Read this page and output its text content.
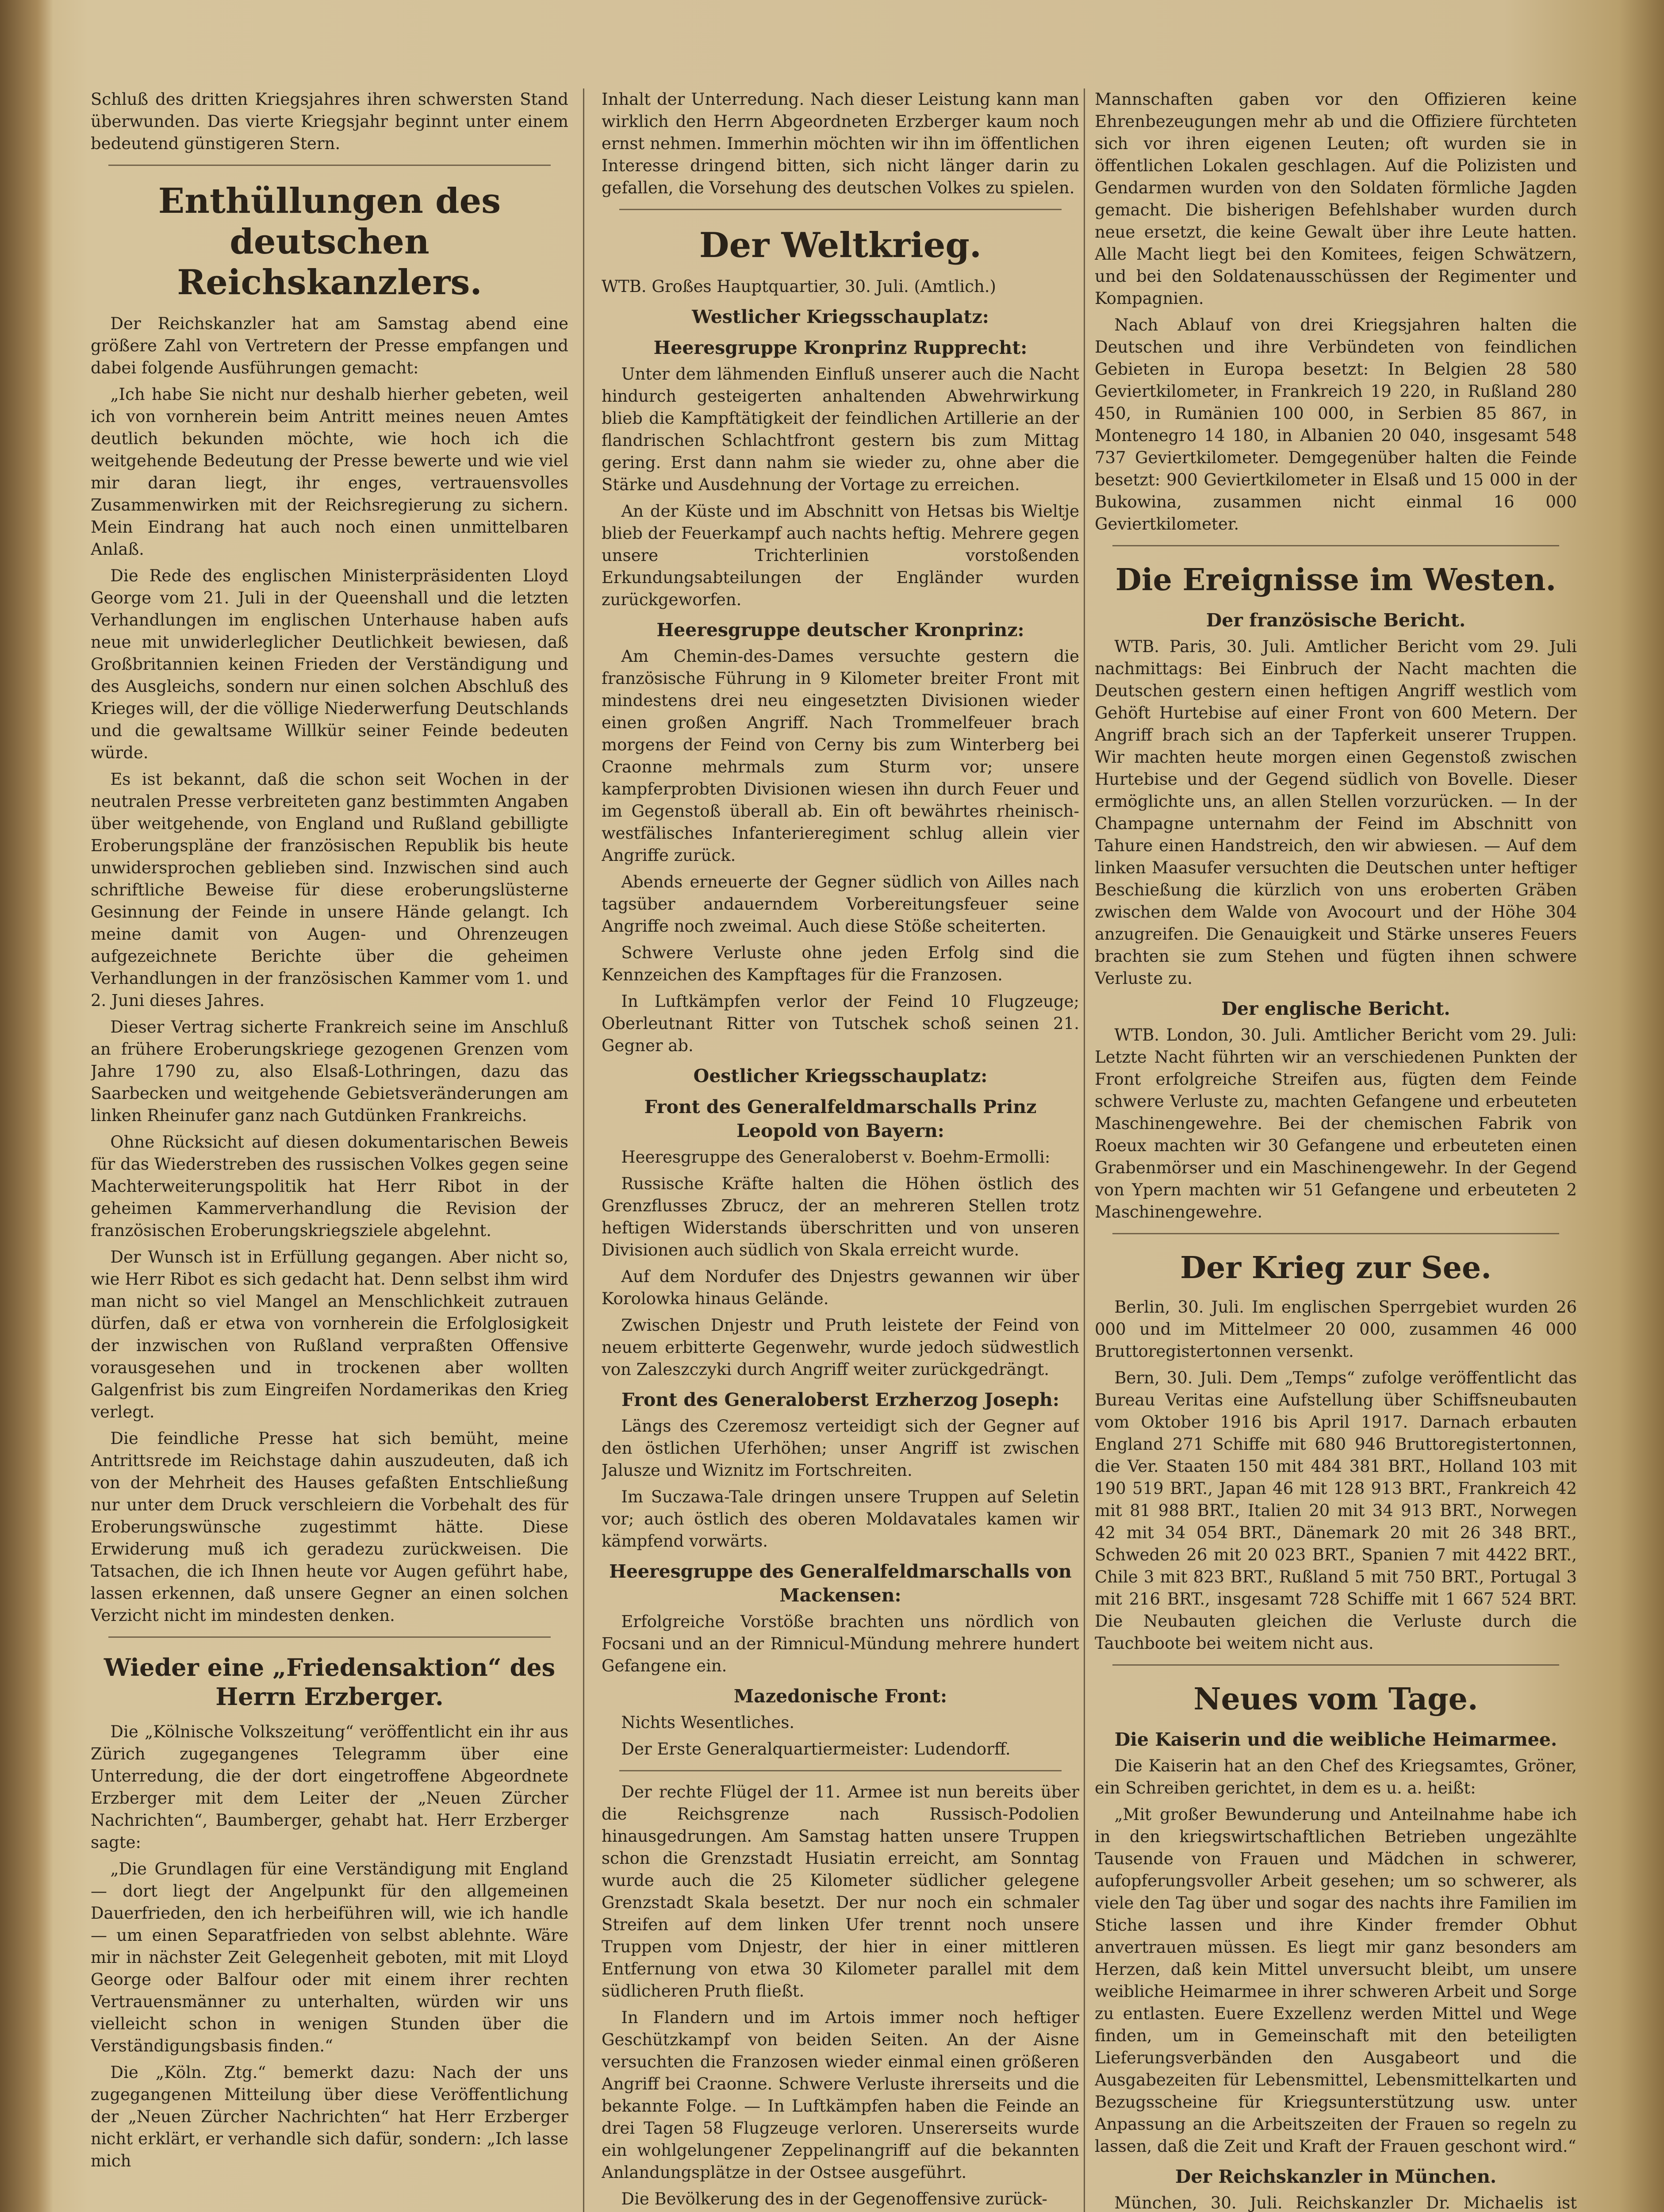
Schluß des dritten Kriegsjahres ihren schwersten Stand überwunden. Das vierte Kriegsjahr beginnt unter einem bedeutend günstigeren Stern.

Enthüllungen des deutschen Reichskanzlers.

Der Reichskanzler hat am Samstag abend eine größere Zahl von Vertretern der Presse empfangen und dabei folgende Ausführungen gemacht:

„Ich habe Sie nicht nur deshalb hierher gebeten, weil ich von vornherein beim Antritt meines neuen Amtes deutlich bekunden möchte, wie hoch ich die weitgehende Bedeutung der Presse bewerte und wie viel mir daran liegt, ihr enges, vertrauensvolles Zusammenwirken mit der Reichsregierung zu sichern. Mein Eindrang hat auch noch einen unmittelbaren Anlaß.

Die Rede des englischen Ministerpräsidenten Lloyd George vom 21. Juli in der Queenshall und die letzten Verhandlungen im englischen Unterhause haben aufs neue mit unwiderleglicher Deutlichkeit bewiesen, daß Großbritannien keinen Frieden der Verständigung und des Ausgleichs, sondern nur einen solchen Abschluß des Krieges will, der die völlige Niederwerfung Deutschlands und die gewaltsame Willkür seiner Feinde bedeuten würde.

Es ist bekannt, daß die schon seit Wochen in der neutralen Presse verbreiteten ganz bestimmten Angaben über weitgehende, von England und Rußland gebilligte Eroberungspläne der französischen Republik bis heute unwidersprochen geblieben sind. Inzwischen sind auch schriftliche Beweise für diese eroberungslüsterne Gesinnung der Feinde in unsere Hände gelangt. Ich meine damit von Augen- und Ohrenzeugen aufgezeichnete Berichte über die geheimen Verhandlungen in der französischen Kammer vom 1. und 2. Juni dieses Jahres.

Dieser Vertrag sicherte Frankreich seine im Anschluß an frühere Eroberungskriege gezogenen Grenzen vom Jahre 1790 zu, also Elsaß-Lothringen, dazu das Saarbecken und weitgehende Gebietsveränderungen am linken Rheinufer ganz nach Gutdünken Frankreichs.

Ohne Rücksicht auf diesen dokumentarischen Beweis für das Wiederstreben des russischen Volkes gegen seine Machterweiterungspolitik hat Herr Ribot in der geheimen Kammerverhandlung die Revision der französischen Eroberungskriegsziele abgelehnt.

Der Wunsch ist in Erfüllung gegangen. Aber nicht so, wie Herr Ribot es sich gedacht hat. Denn selbst ihm wird man nicht so viel Mangel an Menschlichkeit zutrauen dürfen, daß er etwa von vornherein die Erfolglosigkeit der inzwischen von Rußland verpraßten Offensive vorausgesehen und in trockenen aber wollten Galgenfrist bis zum Eingreifen Nordamerikas den Krieg verlegt.

Die feindliche Presse hat sich bemüht, meine Antrittsrede im Reichstage dahin auszudeuten, daß ich von der Mehrheit des Hauses gefaßten Entschließung nur unter dem Druck verschleiern die Vorbehalt des für Eroberungswünsche zugestimmt hätte. Diese Erwiderung muß ich geradezu zurückweisen. Die Tatsachen, die ich Ihnen heute vor Augen geführt habe, lassen erkennen, daß unsere Gegner an einen solchen Verzicht nicht im mindesten denken.

Wieder eine „Friedensaktion“ des Herrn Erzberger.

Die „Kölnische Volkszeitung“ veröffentlicht ein ihr aus Zürich zugegangenes Telegramm über eine Unterredung, die der dort eingetroffene Abgeordnete Erzberger mit dem Leiter der „Neuen Zürcher Nachrichten“, Baumberger, gehabt hat. Herr Erzberger sagte:

„Die Grundlagen für eine Verständigung mit England — dort liegt der Angelpunkt für den allgemeinen Dauerfrieden, den ich herbeiführen will, wie ich handle — um einen Separatfrieden von selbst ablehnte. Wäre mir in nächster Zeit Gelegenheit geboten, mit mit Lloyd George oder Balfour oder mit einem ihrer rechten Vertrauensmänner zu unterhalten, würden wir uns vielleicht schon in wenigen Stunden über die Verständigungsbasis finden.“

Die „Köln. Ztg.“ bemerkt dazu: Nach der uns zugegangenen Mitteilung über diese Veröffentlichung der „Neuen Zürcher Nachrichten“ hat Herr Erzberger nicht erklärt, er verhandle sich dafür, sondern: „Ich lasse mich

Inhalt der Unterredung. Nach dieser Leistung kann man wirklich den Herrn Abgeordneten Erzberger kaum noch ernst nehmen. Immerhin möchten wir ihn im öffentlichen Interesse dringend bitten, sich nicht länger darin zu gefallen, die Vorsehung des deutschen Volkes zu spielen.

Der Weltkrieg.

WTB. Großes Hauptquartier, 30. Juli. (Amtlich.)

Westlicher Kriegsschauplatz:
Heeresgruppe Kronprinz Rupprecht:

Unter dem lähmenden Einfluß unserer auch die Nacht hindurch gesteigerten anhaltenden Abwehrwirkung blieb die Kampftätigkeit der feindlichen Artillerie an der flandrischen Schlachtfront gestern bis zum Mittag gering. Erst dann nahm sie wieder zu, ohne aber die Stärke und Ausdehnung der Vortage zu erreichen.

An der Küste und im Abschnitt von Hetsas bis Wieltje blieb der Feuerkampf auch nachts heftig. Mehrere gegen unsere Trichterlinien vorstoßenden Erkundungsabteilungen der Engländer wurden zurückgeworfen.

Heeresgruppe deutscher Kronprinz:

Am Chemin-des-Dames versuchte gestern die französische Führung in 9 Kilometer breiter Front mit mindestens drei neu eingesetzten Divisionen wieder einen großen Angriff. Nach Trommelfeuer brach morgens der Feind von Cerny bis zum Winterberg bei Craonne mehrmals zum Sturm vor; unsere kampferprobten Divisionen wiesen ihn durch Feuer und im Gegenstoß überall ab. Ein oft bewährtes rheinisch-westfälisches Infanterieregiment schlug allein vier Angriffe zurück.

Abends erneuerte der Gegner südlich von Ailles nach tagsüber andauerndem Vorbereitungsfeuer seine Angriffe noch zweimal. Auch diese Stöße scheiterten.

Schwere Verluste ohne jeden Erfolg sind die Kennzeichen des Kampftages für die Franzosen.

In Luftkämpfen verlor der Feind 10 Flugzeuge; Oberleutnant Ritter von Tutschek schoß seinen 21. Gegner ab.

Oestlicher Kriegsschauplatz:
Front des Generalfeldmarschalls Prinz Leopold von Bayern:

Heeresgruppe des Generaloberst v. Boehm-Ermolli:

Russische Kräfte halten die Höhen östlich des Grenzflusses Zbrucz, der an mehreren Stellen trotz heftigen Widerstands überschritten und von unseren Divisionen auch südlich von Skala erreicht wurde.

Auf dem Nordufer des Dnjestrs gewannen wir über Korolowka hinaus Gelände.

Zwischen Dnjestr und Pruth leistete der Feind von neuem erbitterte Gegenwehr, wurde jedoch südwestlich von Zaleszczyki durch Angriff weiter zurückgedrängt.

Front des Generaloberst Erzherzog Joseph:

Längs des Czeremosz verteidigt sich der Gegner auf den östlichen Uferhöhen; unser Angriff ist zwischen Jalusze und Wiznitz im Fortschreiten.

Im Suczawa-Tale dringen unsere Truppen auf Seletin vor; auch östlich des oberen Moldavatales kamen wir kämpfend vorwärts.

Heeresgruppe des Generalfeldmarschalls von Mackensen:

Erfolgreiche Vorstöße brachten uns nördlich von Focsani und an der Rimnicul-Mündung mehrere hundert Gefangene ein.

Mazedonische Front:

Nichts Wesentliches.

Der Erste Generalquartiermeister: Ludendorff.

Der rechte Flügel der 11. Armee ist nun bereits über die Reichsgrenze nach Russisch-Podolien hinausgedrungen. Am Samstag hatten unsere Truppen schon die Grenzstadt Husiatin erreicht, am Sonntag wurde auch die 25 Kilometer südlicher gelegene Grenzstadt Skala besetzt. Der nur noch ein schmaler Streifen auf dem linken Ufer trennt noch unsere Truppen vom Dnjestr, der hier in einer mittleren Entfernung von etwa 30 Kilometer parallel mit dem südlicheren Pruth fließt.

In Flandern und im Artois immer noch heftiger Geschützkampf von beiden Seiten. An der Aisne versuchten die Franzosen wieder einmal einen größeren Angriff bei Craonne. Schwere Verluste ihrerseits und die bekannte Folge. — In Luftkämpfen haben die Feinde an drei Tagen 58 Flugzeuge verloren. Unsererseits wurde ein wohlgelungener Zeppelinangriff auf die bekannten Anlandungsplätze in der Ostsee ausgeführt.

Die Bevölkerung des in der Gegenoffensive zurück-

Mannschaften gaben vor den Offizieren keine Ehrenbezeugungen mehr ab und die Offiziere fürchteten sich vor ihren eigenen Leuten; oft wurden sie in öffentlichen Lokalen geschlagen. Auf die Polizisten und Gendarmen wurden von den Soldaten förmliche Jagden gemacht. Die bisherigen Befehlshaber wurden durch neue ersetzt, die keine Gewalt über ihre Leute hatten. Alle Macht liegt bei den Komitees, feigen Schwätzern, und bei den Soldatenausschüssen der Regimenter und Kompagnien.

Nach Ablauf von drei Kriegsjahren halten die Deutschen und ihre Verbündeten von feindlichen Gebieten in Europa besetzt: In Belgien 28 580 Geviertkilometer, in Frankreich 19 220, in Rußland 280 450, in Rumänien 100 000, in Serbien 85 867, in Montenegro 14 180, in Albanien 20 040, insgesamt 548 737 Geviertkilometer. Demgegenüber halten die Feinde besetzt: 900 Geviertkilometer in Elsaß und 15 000 in der Bukowina, zusammen nicht einmal 16 000 Geviertkilometer.

Die Ereignisse im Westen.
Der französische Bericht.

WTB. Paris, 30. Juli. Amtlicher Bericht vom 29. Juli nachmittags: Bei Einbruch der Nacht machten die Deutschen gestern einen heftigen Angriff westlich vom Gehöft Hurtebise auf einer Front von 600 Metern. Der Angriff brach sich an der Tapferkeit unserer Truppen. Wir machten heute morgen einen Gegenstoß zwischen Hurtebise und der Gegend südlich von Bovelle. Dieser ermöglichte uns, an allen Stellen vorzurücken. — In der Champagne unternahm der Feind im Abschnitt von Tahure einen Handstreich, den wir abwiesen. — Auf dem linken Maasufer versuchten die Deutschen unter heftiger Beschießung die kürzlich von uns eroberten Gräben zwischen dem Walde von Avocourt und der Höhe 304 anzugreifen. Die Genauigkeit und Stärke unseres Feuers brachten sie zum Stehen und fügten ihnen schwere Verluste zu.

Der englische Bericht.

WTB. London, 30. Juli. Amtlicher Bericht vom 29. Juli: Letzte Nacht führten wir an verschiedenen Punkten der Front erfolgreiche Streifen aus, fügten dem Feinde schwere Verluste zu, machten Gefangene und erbeuteten Maschinengewehre. Bei der chemischen Fabrik von Roeux machten wir 30 Gefangene und erbeuteten einen Grabenmörser und ein Maschinengewehr. In der Gegend von Ypern machten wir 51 Gefangene und erbeuteten 2 Maschinengewehre.

Der Krieg zur See.

Berlin, 30. Juli. Im englischen Sperrgebiet wurden 26 000 und im Mittelmeer 20 000, zusammen 46 000 Bruttoregistertonnen versenkt.

Bern, 30. Juli. Dem „Temps“ zufolge veröffentlicht das Bureau Veritas eine Aufstellung über Schiffsneubauten vom Oktober 1916 bis April 1917. Darnach erbauten England 271 Schiffe mit 680 946 Bruttoregistertonnen, die Ver. Staaten 150 mit 484 381 BRT., Holland 103 mit 190 519 BRT., Japan 46 mit 128 913 BRT., Frankreich 42 mit 81 988 BRT., Italien 20 mit 34 913 BRT., Norwegen 42 mit 34 054 BRT., Dänemark 20 mit 26 348 BRT., Schweden 26 mit 20 023 BRT., Spanien 7 mit 4422 BRT., Chile 3 mit 823 BRT., Rußland 5 mit 750 BRT., Portugal 3 mit 216 BRT., insgesamt 728 Schiffe mit 1 667 524 BRT. Die Neubauten gleichen die Verluste durch die Tauchboote bei weitem nicht aus.

Neues vom Tage.
Die Kaiserin und die weibliche Heimarmee.

Die Kaiserin hat an den Chef des Kriegsamtes, Gröner, ein Schreiben gerichtet, in dem es u. a. heißt:

„Mit großer Bewunderung und Anteilnahme habe ich in den kriegswirtschaftlichen Betrieben ungezählte Tausende von Frauen und Mädchen in schwerer, aufopferungsvoller Arbeit gesehen; um so schwerer, als viele den Tag über und sogar des nachts ihre Familien im Stiche lassen und ihre Kinder fremder Obhut anvertrauen müssen. Es liegt mir ganz besonders am Herzen, daß kein Mittel unversucht bleibt, um unsere weibliche Heimarmee in ihrer schweren Arbeit und Sorge zu entlasten. Euere Exzellenz werden Mittel und Wege finden, um in Gemeinschaft mit den beteiligten Lieferungsverbänden den Ausgabeort und die Ausgabezeiten für Lebensmittel, Lebensmittelkarten und Bezugsscheine für Kriegsunterstützung usw. unter Anpassung an die Arbeitszeiten der Frauen so regeln zu lassen, daß die Zeit und Kraft der Frauen geschont wird.“

Der Reichskanzler in München.

München, 30. Juli. Reichskanzler Dr. Michaelis ist
